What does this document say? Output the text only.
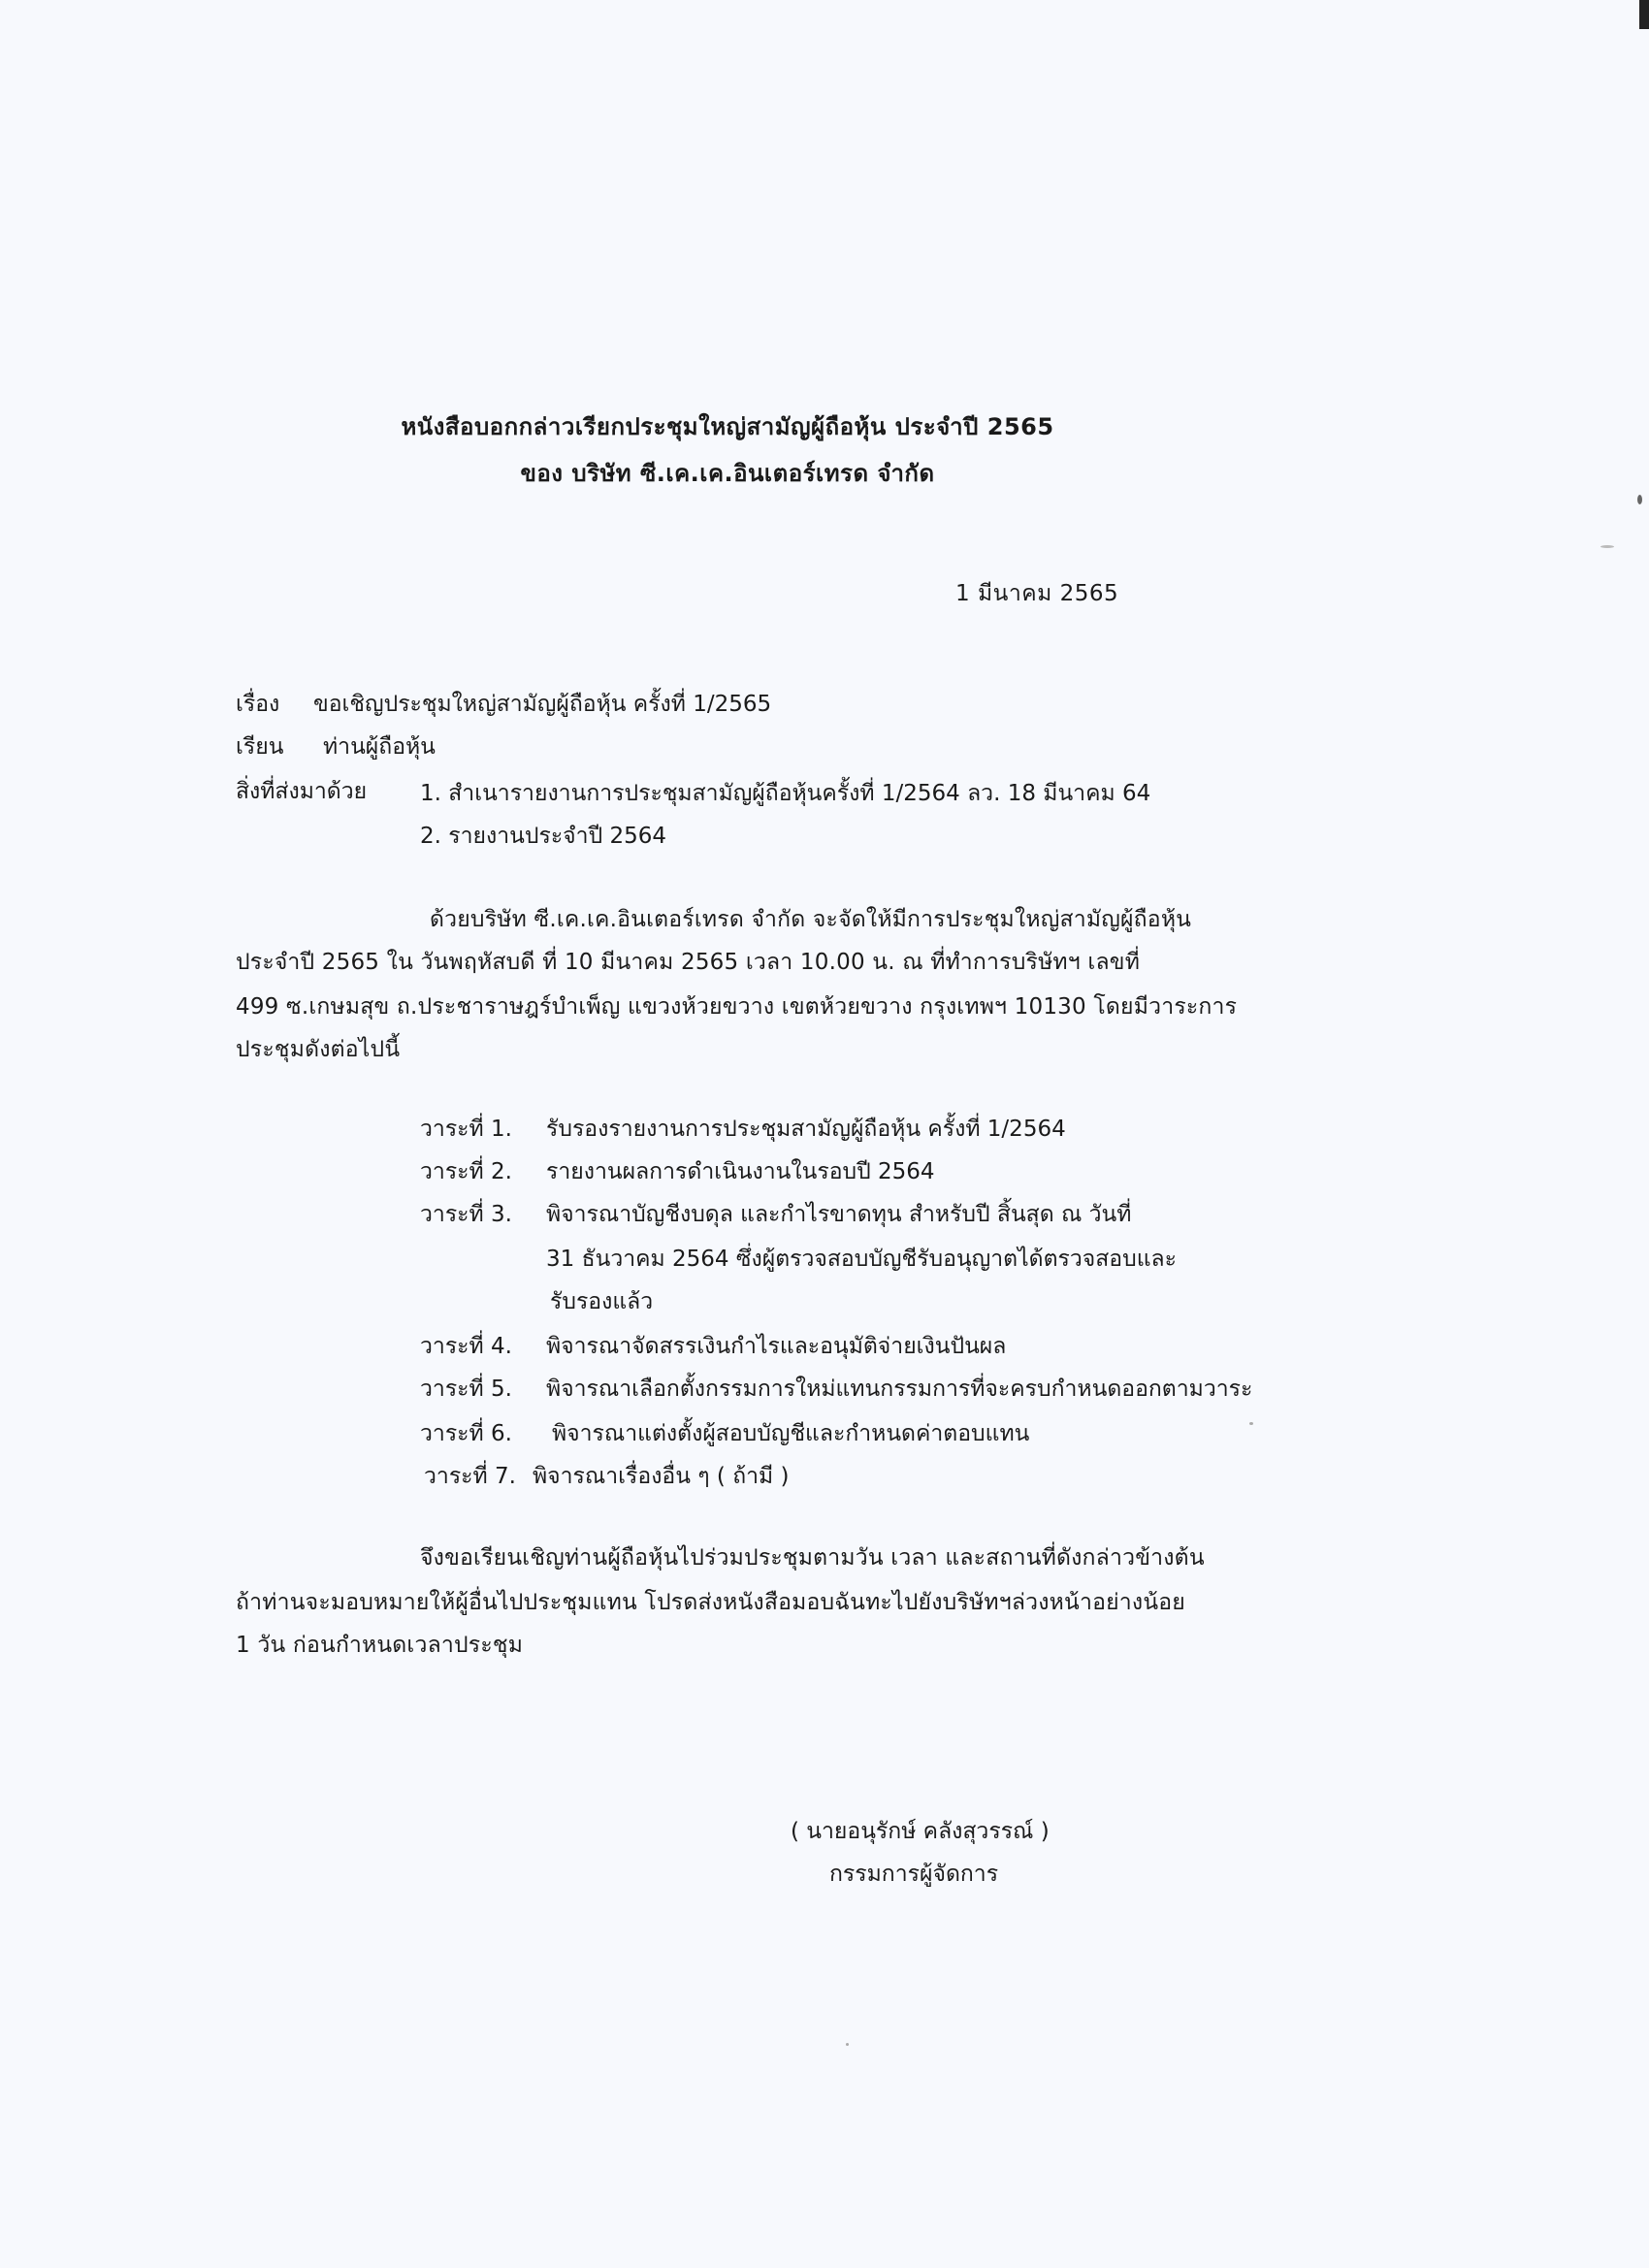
หนังสือบอกกล่าวเรียกประชุมใหญ่สามัญผู้ถือหุ้น ประจำปี 2565
ของ บริษัท ซี.เค.เค.อินเตอร์เทรด จำกัด
1 มีนาคม 2565
เรื่อง ขอเชิญประชุมใหญ่สามัญผู้ถือหุ้น ครั้งที่ 1/2565
เรียน ท่านผู้ถือหุ้น
สิ่งที่ส่งมาด้วย 1. สำเนารายงานการประชุมสามัญผู้ถือหุ้นครั้งที่ 1/2564 ลว. 18 มีนาคม 64
2. รายงานประจำปี 2564
ด้วยบริษัท ซี.เค.เค.อินเตอร์เทรด จำกัด จะจัดให้มีการประชุมใหญ่สามัญผู้ถือหุ้น
ประจำปี 2565 ใน วันพฤหัสบดี ที่ 10 มีนาคม 2565 เวลา 10.00 น. ณ ที่ทำการบริษัทฯ เลขที่
499 ซ.เกษมสุข ถ.ประชาราษฎร์บำเพ็ญ แขวงห้วยขวาง เขตห้วยขวาง กรุงเทพฯ 10130 โดยมีวาระการ
ประชุมดังต่อไปนี้
วาระที่ 1. รับรองรายงานการประชุมสามัญผู้ถือหุ้น ครั้งที่ 1/2564
วาระที่ 2. รายงานผลการดำเนินงานในรอบปี 2564
วาระที่ 3. พิจารณาบัญชีงบดุล และกำไรขาดทุน สำหรับปี สิ้นสุด ณ วันที่
31 ธันวาคม 2564 ซึ่งผู้ตรวจสอบบัญชีรับอนุญาตได้ตรวจสอบและ
รับรองแล้ว
วาระที่ 4. พิจารณาจัดสรรเงินกำไรและอนุมัติจ่ายเงินปันผล
วาระที่ 5. พิจารณาเลือกตั้งกรรมการใหม่แทนกรรมการที่จะครบกำหนดออกตามวาระ
วาระที่ 6. พิจารณาแต่งตั้งผู้สอบบัญชีและกำหนดค่าตอบแทน
วาระที่ 7. พิจารณาเรื่องอื่น ๆ ( ถ้ามี )
จึงขอเรียนเชิญท่านผู้ถือหุ้นไปร่วมประชุมตามวัน เวลา และสถานที่ดังกล่าวข้างต้น
ถ้าท่านจะมอบหมายให้ผู้อื่นไปประชุมแทน โปรดส่งหนังสือมอบฉันทะไปยังบริษัทฯล่วงหน้าอย่างน้อย
1 วัน ก่อนกำหนดเวลาประชุม
( นายอนุรักษ์ คลังสุวรรณ์ )
กรรมการผู้จัดการ
